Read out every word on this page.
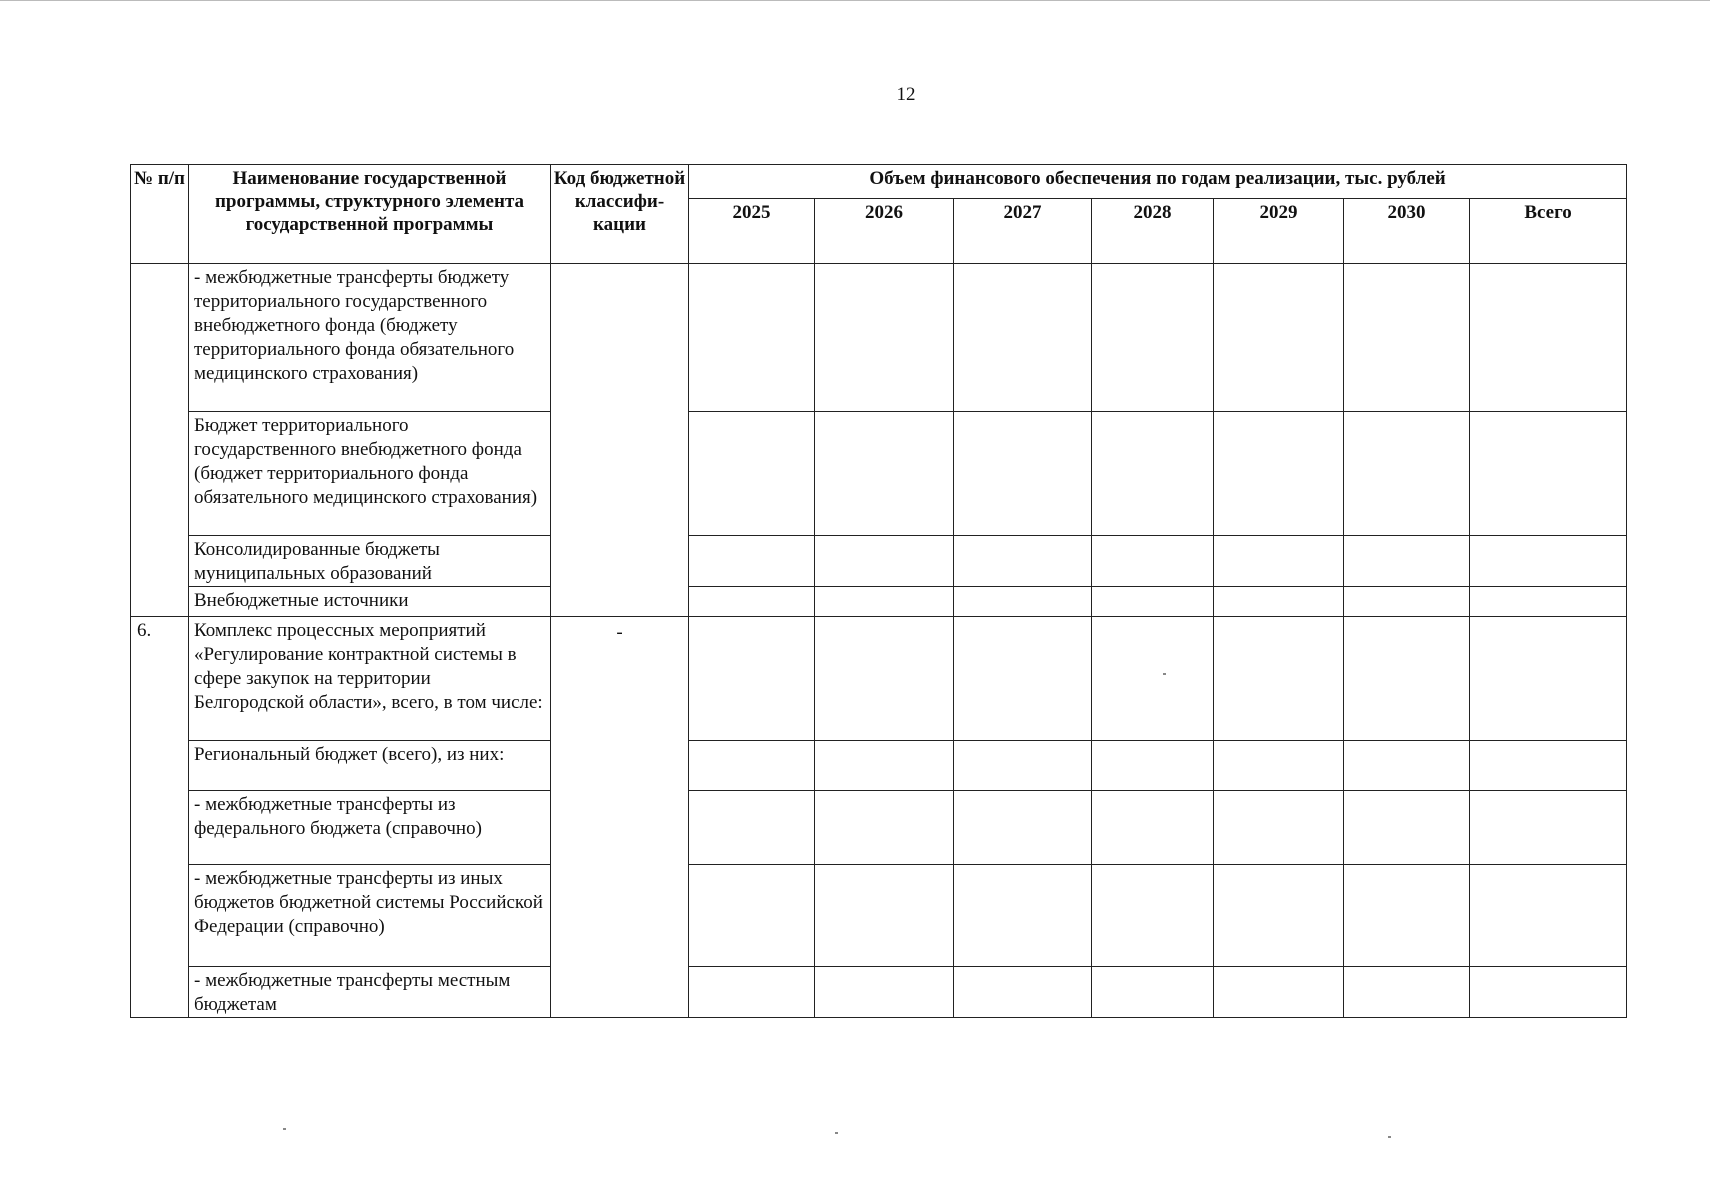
12
№ п/п	Наименование государственной программы, структурного элемента государственной программы	Код бюджетной классифи-кации	Объем финансового обеспечения по годам реализации, тыс. рублей						
			2025	2026	2027	2028	2029	2030	Всего
	- межбюджетные трансферты бюджету территориального государственного внебюджетного фонда (бюджету территориального фонда обязательного медицинского страхования)								
	Бюджет территориального государственного внебюджетного фонда (бюджет территориального фонда обязательного медицинского страхования)								
	Консолидированные бюджеты муниципальных образований								
	Внебюджетные источники								
6.	Комплекс процессных мероприятий «Регулирование контрактной системы в сфере закупок на территории Белгородской области», всего, в том числе:	-							
	Региональный бюджет (всего), из них:								
	- межбюджетные трансферты из федерального бюджета (справочно)								
	- межбюджетные трансферты из иных бюджетов бюджетной системы Российской Федерации (справочно)								
	- межбюджетные трансферты местным бюджетам								
